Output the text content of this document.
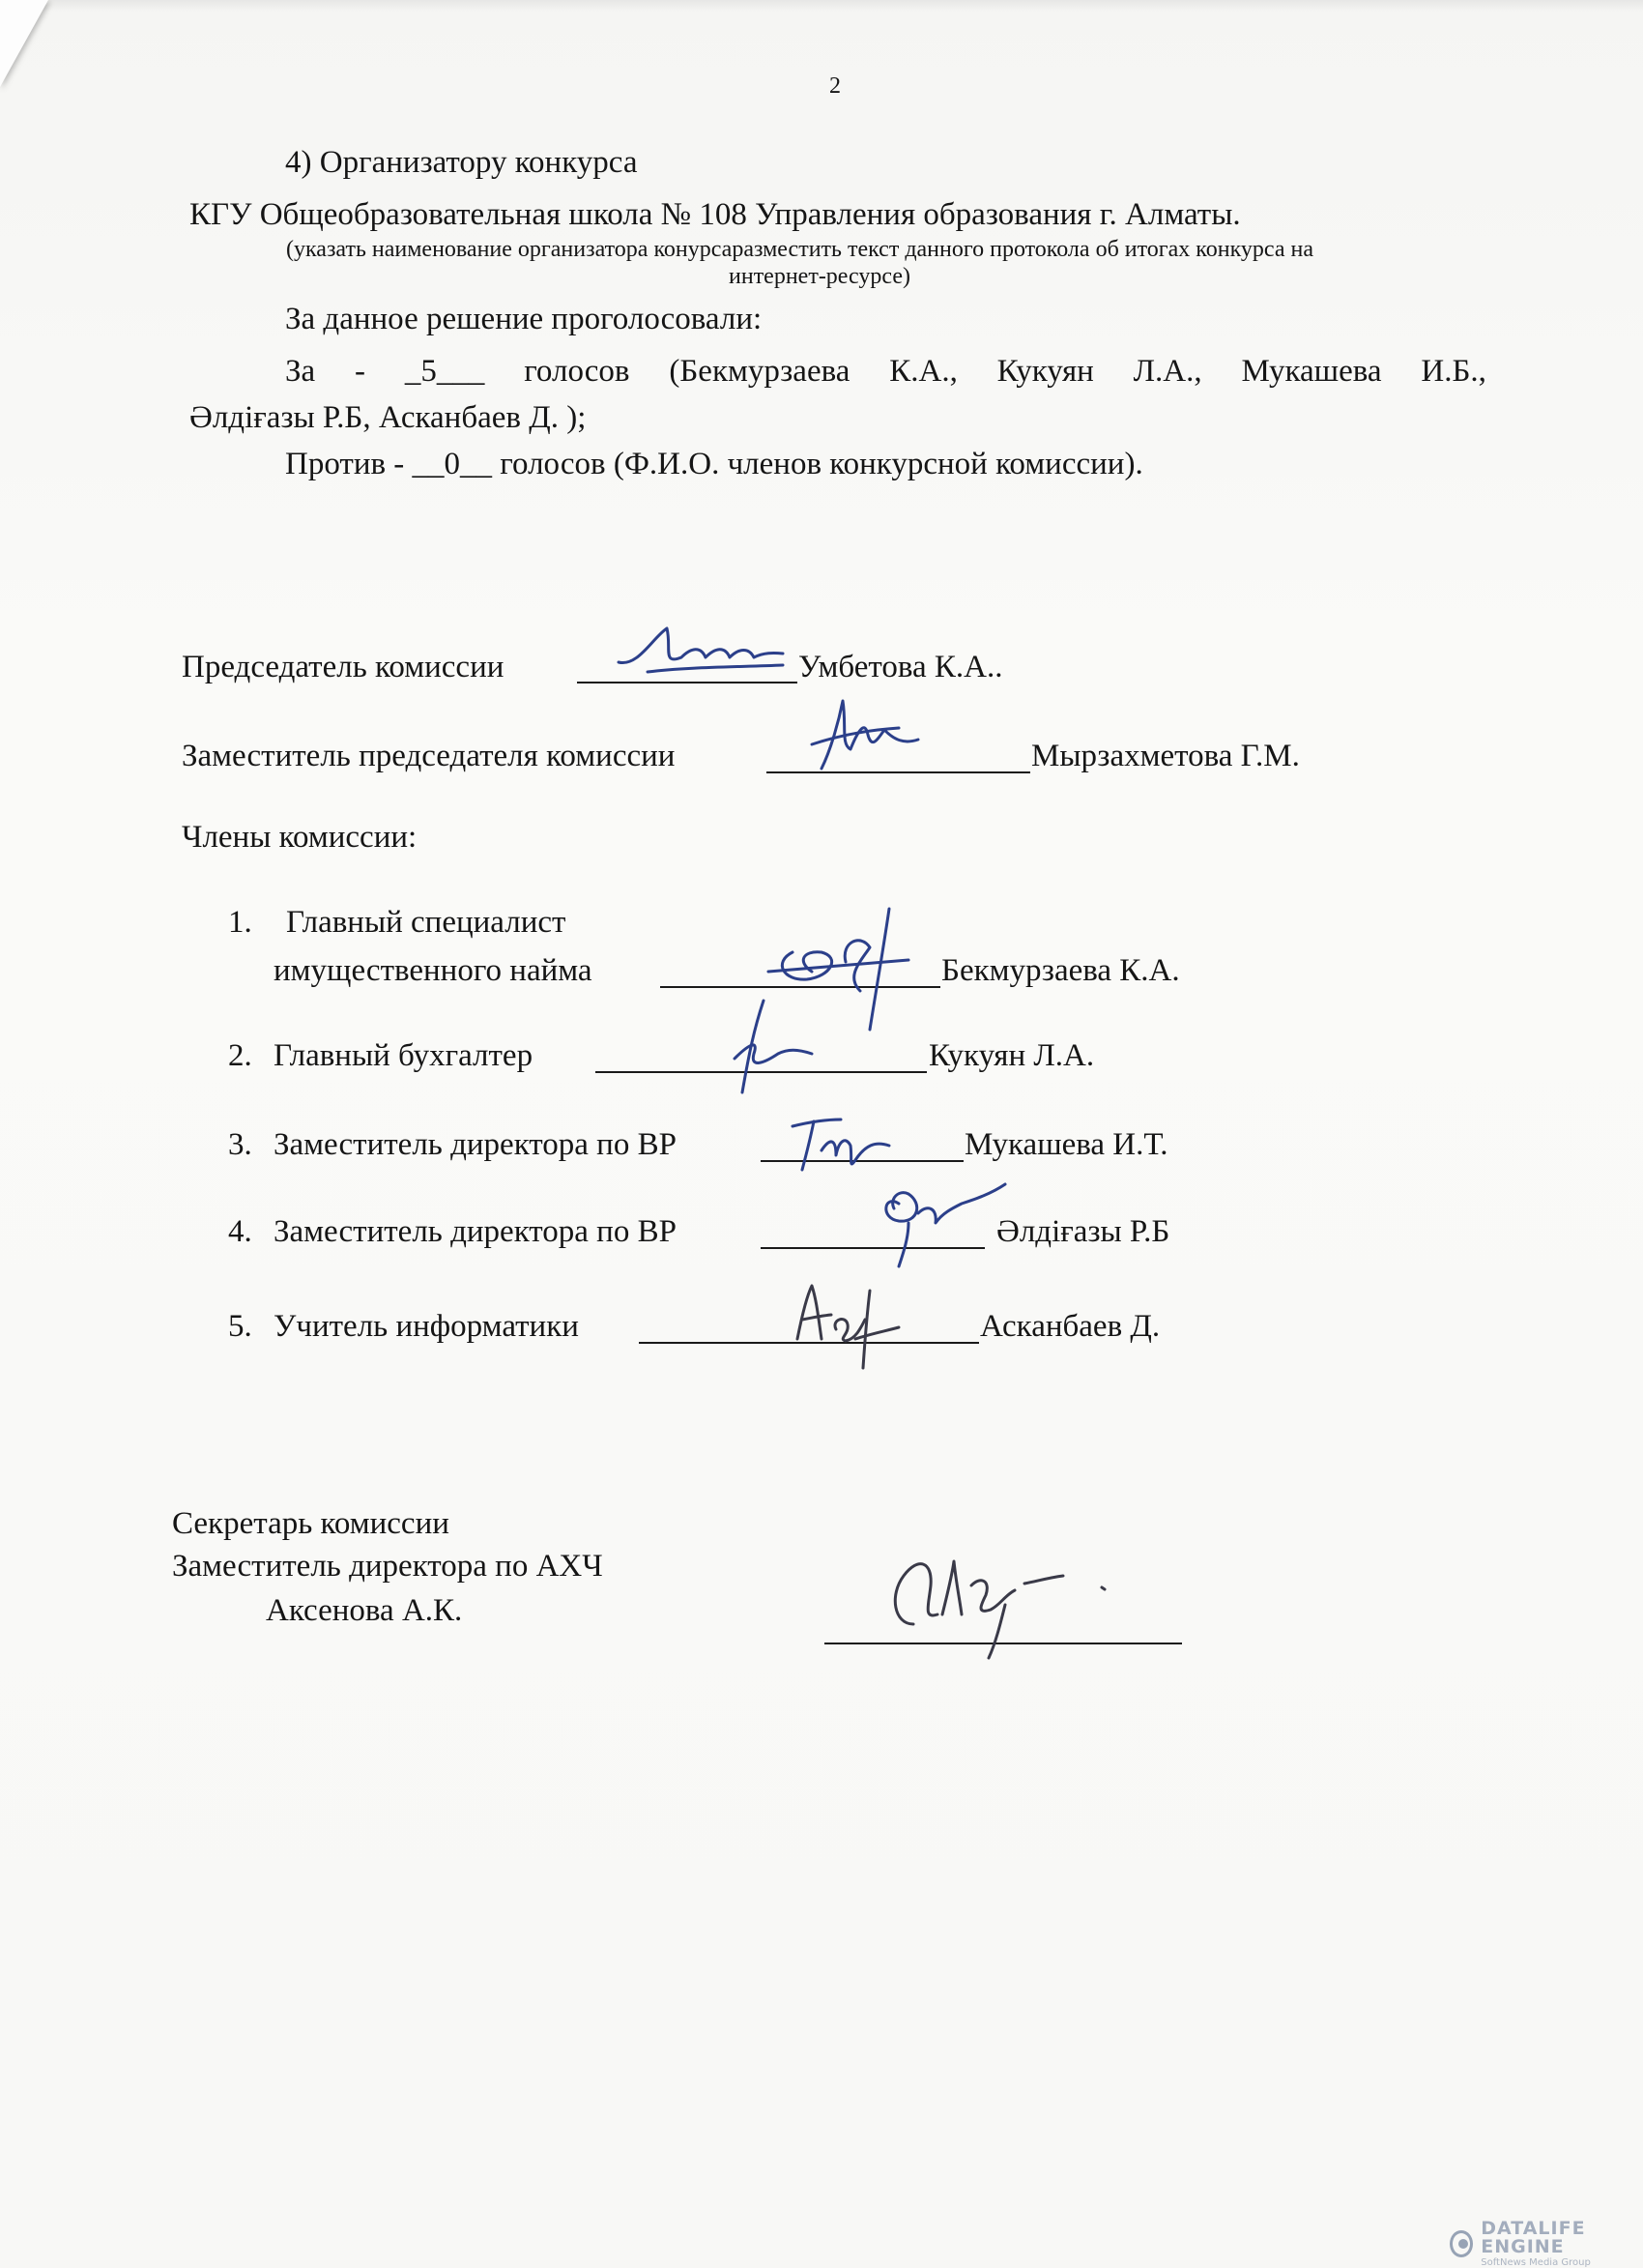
2
4) Организатору конкурса
КГУ Общеобразовательная школа № 108 Управления образования г. Алматы.
(указать наименование организатора конурсаразместить текст данного протокола об итогах конкурса на
интернет-ресурсе)
За данное решение проголосовали:
За - _5___ голосов (Бекмурзаева К.А., Кукуян Л.А., Мукашева И.Б.,
Әлдіғазы Р.Б, Асканбаев Д. );
Против - __0__ голосов (Ф.И.О. членов конкурсной комиссии).
Председатель комиссии	Умбетова К.А..
Заместитель председателя комиссии	Мырзахметова Г.М.
Члены комиссии:
1. Главный специалист
имущественного найма	Бекмурзаева К.А.
2. Главный бухгалтер	Кукуян Л.А.
3. Заместитель директора по ВР	Мукашева И.Т.
4. Заместитель директора по ВР	Әлдіғазы Р.Б
5. Учитель информатики	Асканбаев Д.
Секретарь комиссии
Заместитель директора по АХЧ
Аксенова А.К.
DATALIFE ENGINE
SoftNews Media Group
